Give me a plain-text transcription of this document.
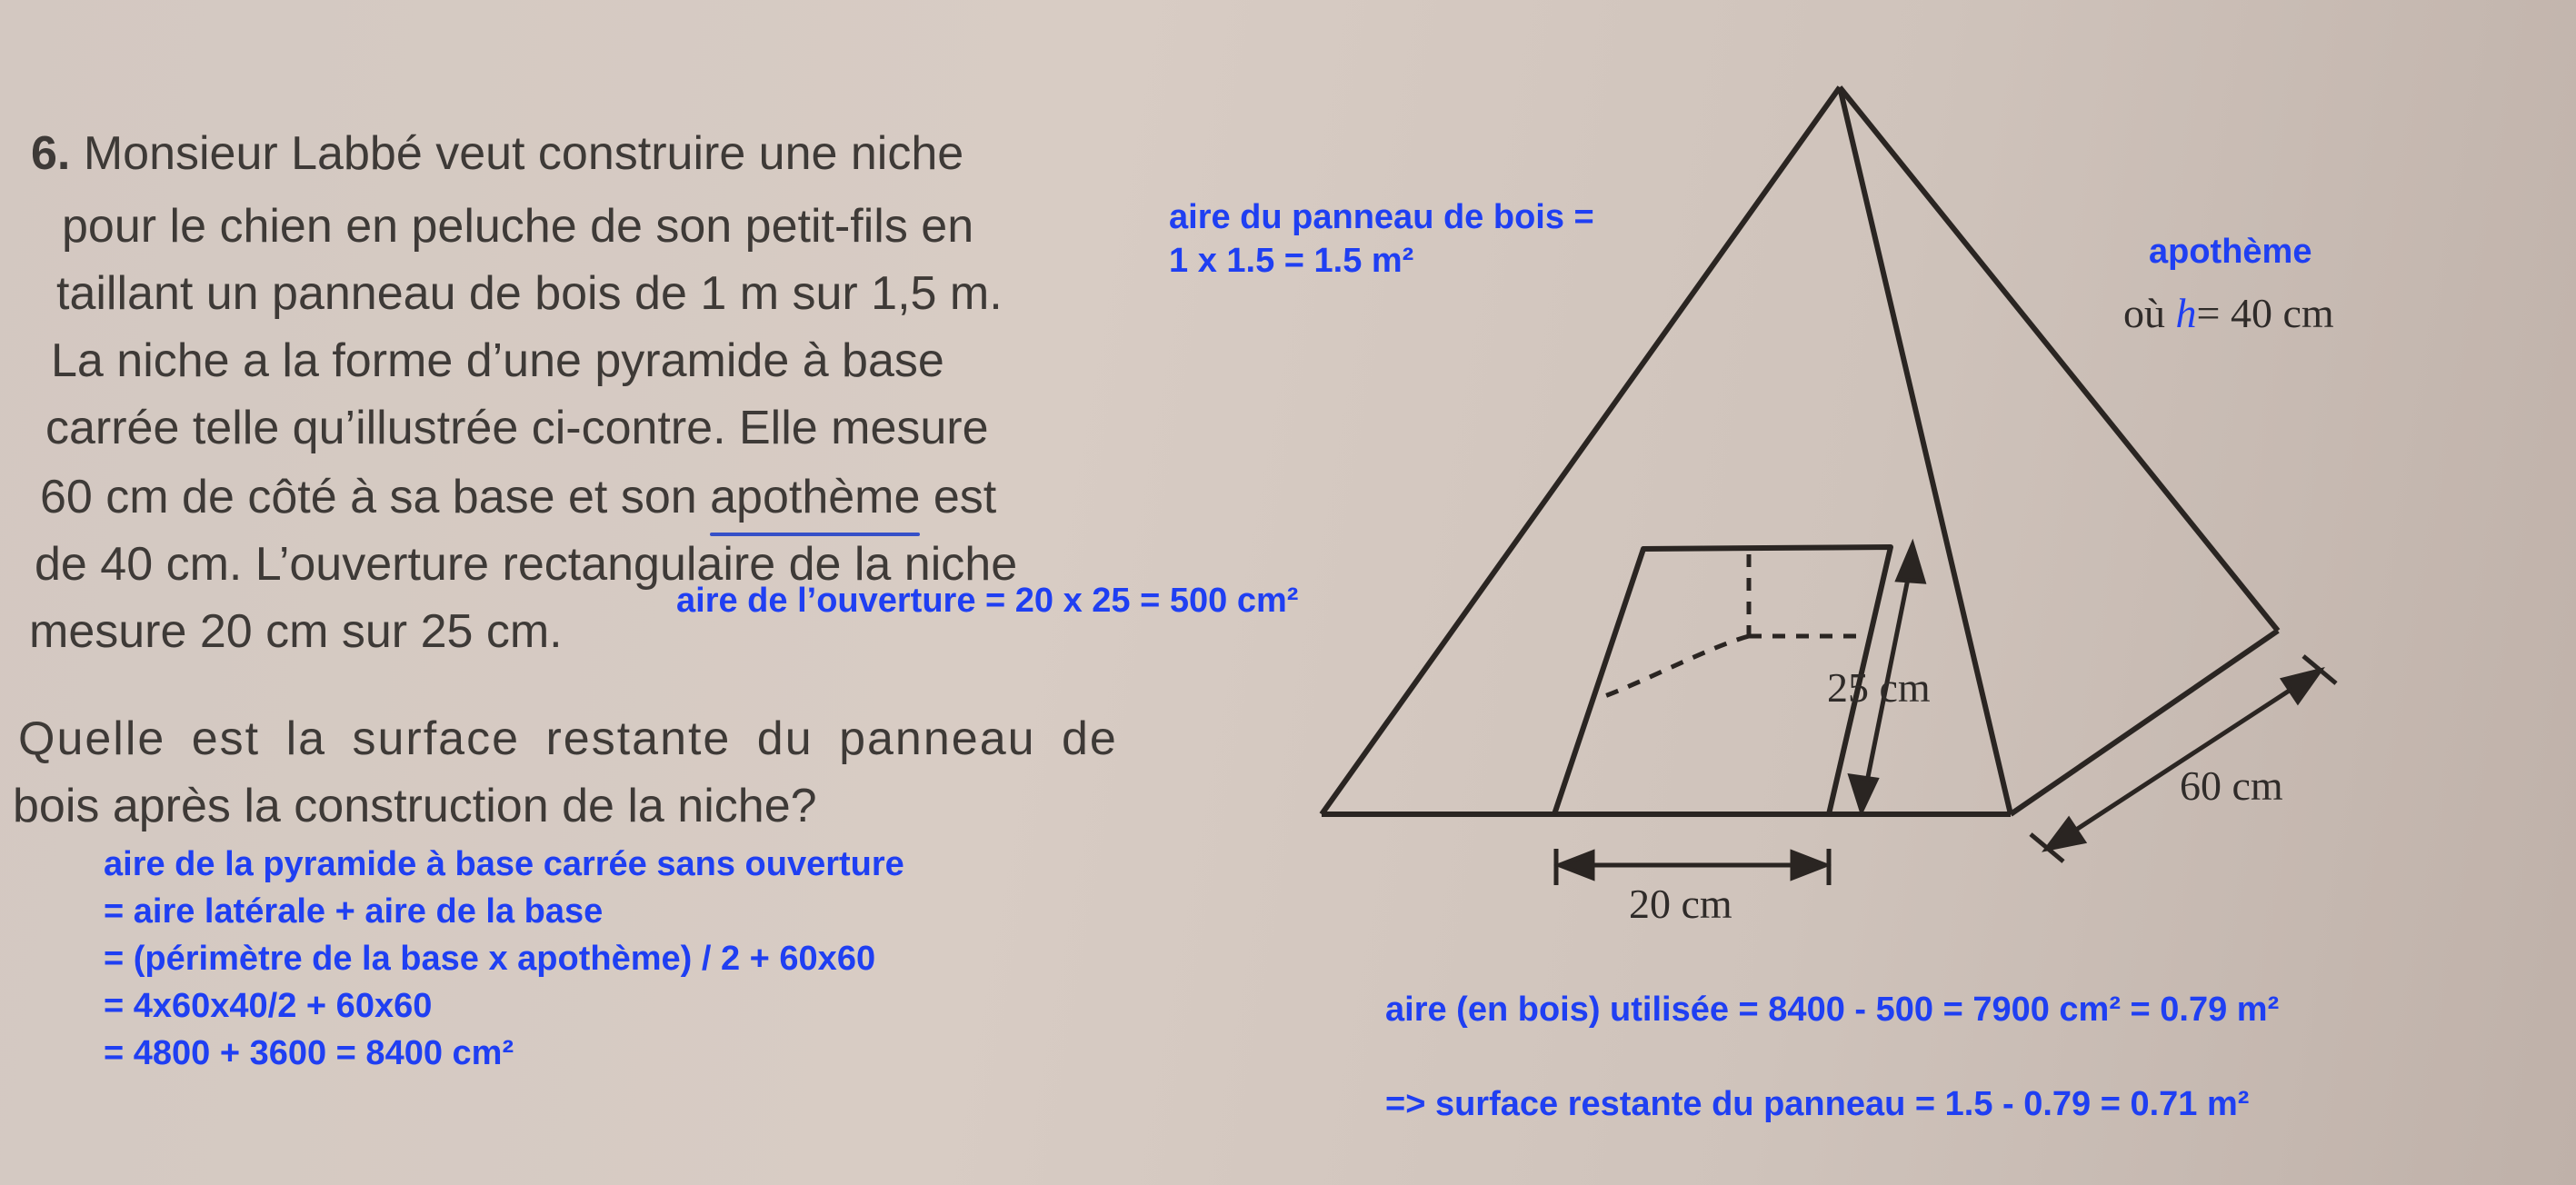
6. Monsieur Labbé veut construire une niche
pour le chien en peluche de son petit-fils en
taillant un panneau de bois de 1 m sur 1,5 m.
La niche a la forme d’une pyramide à base
carrée telle qu’illustrée ci-contre. Elle mesure
60 cm de côté à sa base et son apothème est
de 40 cm. L’ouverture rectangulaire de la niche
mesure 20 cm sur 25 cm.
Quelle est la surface restante du panneau de
bois après la construction de la niche?
25 cm
20 cm
60 cm
où h= 40 cm
aire du panneau de bois =
1 x 1.5 = 1.5 m²	apothème
aire de l’ouverture = 20 x 25 = 500 cm²
aire de la pyramide à base carrée sans ouverture
= aire latérale + aire de la base
= (périmètre de la base x apothème) / 2 + 60x60
= 4x60x40/2 + 60x60
= 4800 + 3600 = 8400 cm²
aire (en bois) utilisée = 8400 - 500 = 7900 cm² = 0.79 m²
=> surface restante du panneau = 1.5 - 0.79 = 0.71 m²
